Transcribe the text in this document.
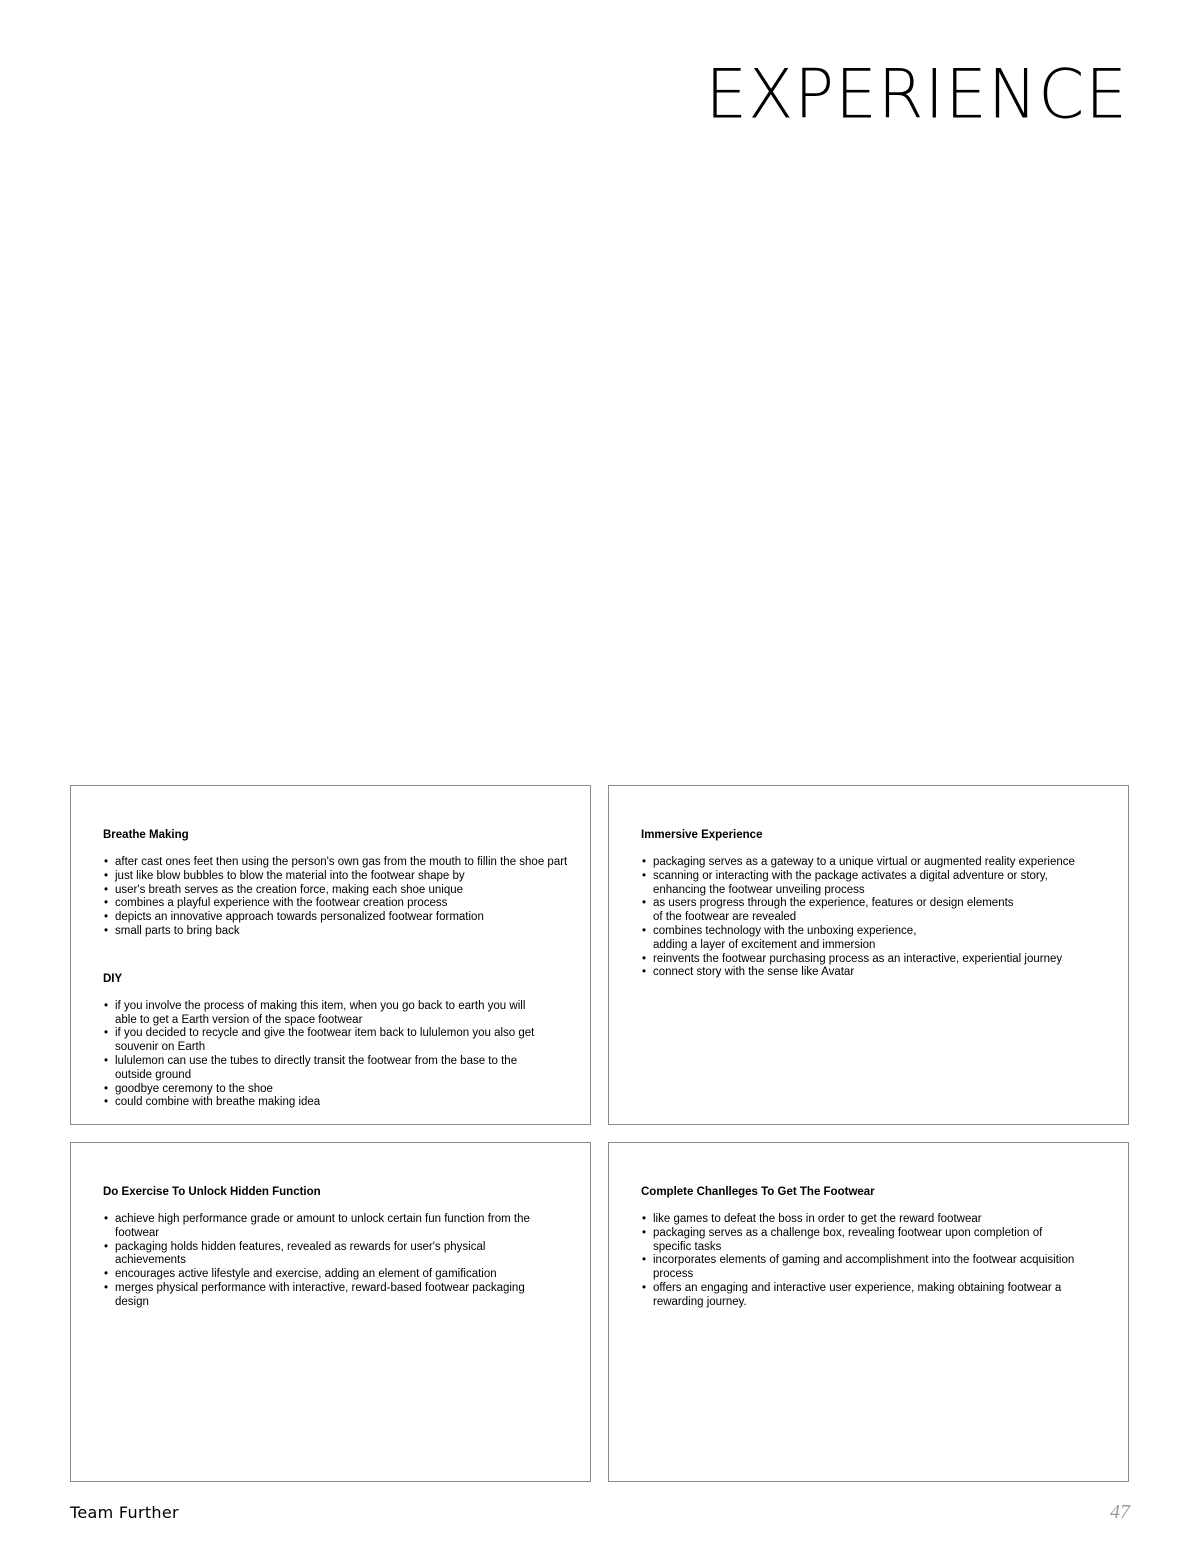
EXPERIENCE

Breathe Making

• after cast ones feet then using the person's own gas from the mouth to fillin the shoe part
• just like blow bubbles to blow the material into the footwear shape by
• user's breath serves as the creation force, making each shoe unique
• combines a playful experience with the footwear creation process
• depicts an innovative approach towards personalized footwear formation
• small parts to bring back

DIY

• if you involve the process of making this item, when you go back to earth you will
able to get a Earth version of the space footwear
• if you decided to recycle and give the footwear item back to lululemon you also get
souvenir on Earth
• lululemon can use the tubes to directly transit the footwear from the base to the
outside ground
• goodbye ceremony to the shoe
• could combine with breathe making idea

Immersive Experience

• packaging serves as a gateway to a unique virtual or augmented reality experience
• scanning or interacting with the package activates a digital adventure or story,
enhancing the footwear unveiling process
• as users progress through the experience, features or design elements
of the footwear are revealed
• combines technology with the unboxing experience,
adding a layer of excitement and immersion
• reinvents the footwear purchasing process as an interactive, experiential journey
• connect story with the sense like Avatar

Do Exercise To Unlock Hidden Function

• achieve high performance grade or amount to unlock certain fun function from the
footwear
• packaging holds hidden features, revealed as rewards for user's physical
achievements
• encourages active lifestyle and exercise, adding an element of gamification
• merges physical performance with interactive, reward-based footwear packaging
design

Complete Chanlleges To Get The Footwear

• like games to defeat the boss in order to get the reward footwear
• packaging serves as a challenge box, revealing footwear upon completion of
specific tasks
• incorporates elements of gaming and accomplishment into the footwear acquisition
process
• offers an engaging and interactive user experience, making obtaining footwear a
rewarding journey.
Team Further	47
